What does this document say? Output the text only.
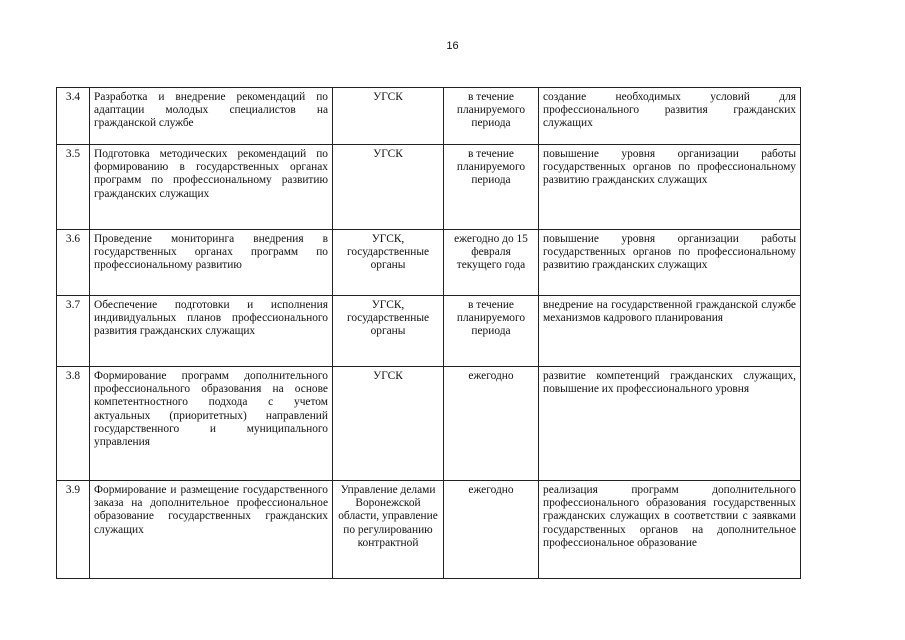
16
3.4	Разработка и внедрение рекомендаций по адаптации молодых специалистов на гражданской службе	УГСК	в течение планируемого периода	создание необходимых условий для профессионального развития гражданских служащих
3.5	Подготовка методических рекомендаций по формированию в государственных органах программ по профессиональному развитию гражданских служащих	УГСК	в течение планируемого периода	повышение уровня организации работы государственных органов по профессиональному развитию гражданских служащих
3.6	Проведение мониторинга внедрения в государственных органах программ по профессиональному развитию	УГСК, государственные органы	ежегодно до 15 февраля текущего года	повышение уровня организации работы государственных органов по профессиональному развитию гражданских служащих
3.7	Обеспечение подготовки и исполнения индивидуальных планов профессионального развития гражданских служащих	УГСК, государственные органы	в течение планируемого периода	внедрение на государственной гражданской службе механизмов кадрового планирования
3.8	Формирование программ дополнительного профессионального образования на основе компетентностного подхода с учетом актуальных (приоритетных) направлений государственного и муниципального управления	УГСК	ежегодно	развитие компетенций гражданских служащих, повышение их профессионального уровня
3.9	Формирование и размещение государственного заказа на дополнительное профессиональное образование государственных гражданских служащих	Управление делами Воронежской области, управление по регулированию контрактной	ежегодно	реализация программ дополнительного профессионального образования государственных гражданских служащих в соответствии с заявками государственных органов на дополнительное профессиональное образование
